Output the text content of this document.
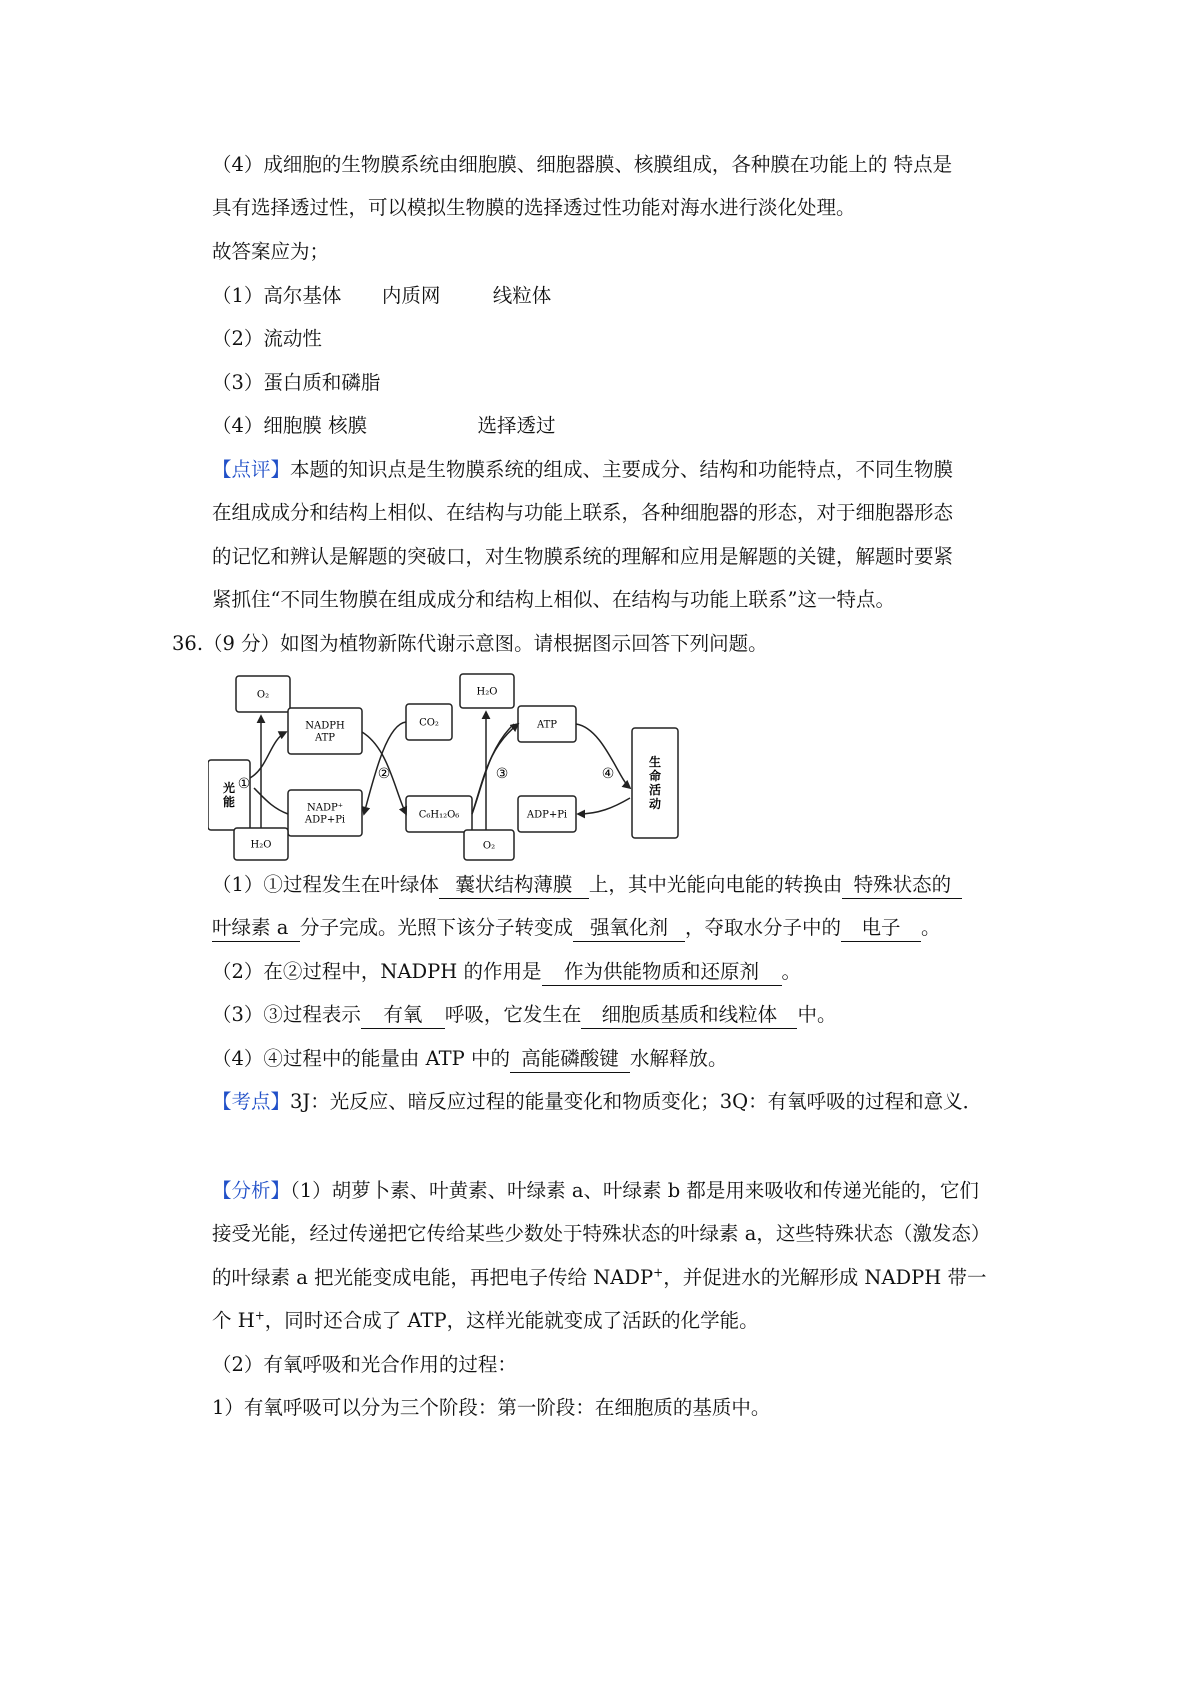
（4）成细胞的生物膜系统由细胞膜、细胞器膜、核膜组成，各种膜在功能上的 特点是
具有选择透过性，可以模拟生物膜的选择透过性功能对海水进行淡化处理。
故答案应为；
（1）高尔基体 内质网	线粒体
（2）流动性
（3）蛋白质和磷脂
（4）细胞膜 核膜	选择透过
【点评】本题的知识点是生物膜系统的组成、主要成分、结构和功能特点，不同生物膜
在组成成分和结构上相似、在结构与功能上联系，各种细胞器的形态，对于细胞器形态
的记忆和辨认是解题的突破口，对生物膜系统的理解和应用是解题的关键，解题时要紧
紧抓住“不同生物膜在组成成分和结构上相似、在结构与功能上联系”这一特点。
36.（9 分）如图为植物新陈代谢示意图。请根据图示回答下列问题。
O₂
NADPH
ATP
CO₂
H₂O
ATP
生
命
活
动
光
能	NADP⁺
ADP+Pi	C₆H₁₂O₆	ADP+Pi
H₂O	O₂
①
②	③	④
（1）①过程发生在叶绿体 囊状结构薄膜 上，其中光能向电能的转换由 特殊状态的
叶绿素 a 分子完成。光照下该分子转变成 强氧化剂 ，夺取水分子中的 电子 。
（2）在②过程中，NADPH 的作用是 作为供能物质和还原剂 。
（3）③过程表示 有氧 呼吸，它发生在 细胞质基质和线粒体 中。
（4）④过程中的能量由 ATP 中的 高能磷酸键 水解释放。
【考点】3J：光反应、暗反应过程的能量变化和物质变化；3Q：有氧呼吸的过程和意义．
【分析】（1）胡萝卜素、叶黄素、叶绿素 a、叶绿素 b 都是用来吸收和传递光能的，它们
接受光能，经过传递把它传给某些少数处于特殊状态的叶绿素 a，这些特殊状态（激发态）
的叶绿素 a 把光能变成电能，再把电子传给 NADP+，并促进水的光解形成 NADPH 带一
个 H+，同时还合成了 ATP，这样光能就变成了活跃的化学能。
（2）有氧呼吸和光合作用的过程：
1）有氧呼吸可以分为三个阶段：第一阶段：在细胞质的基质中。
